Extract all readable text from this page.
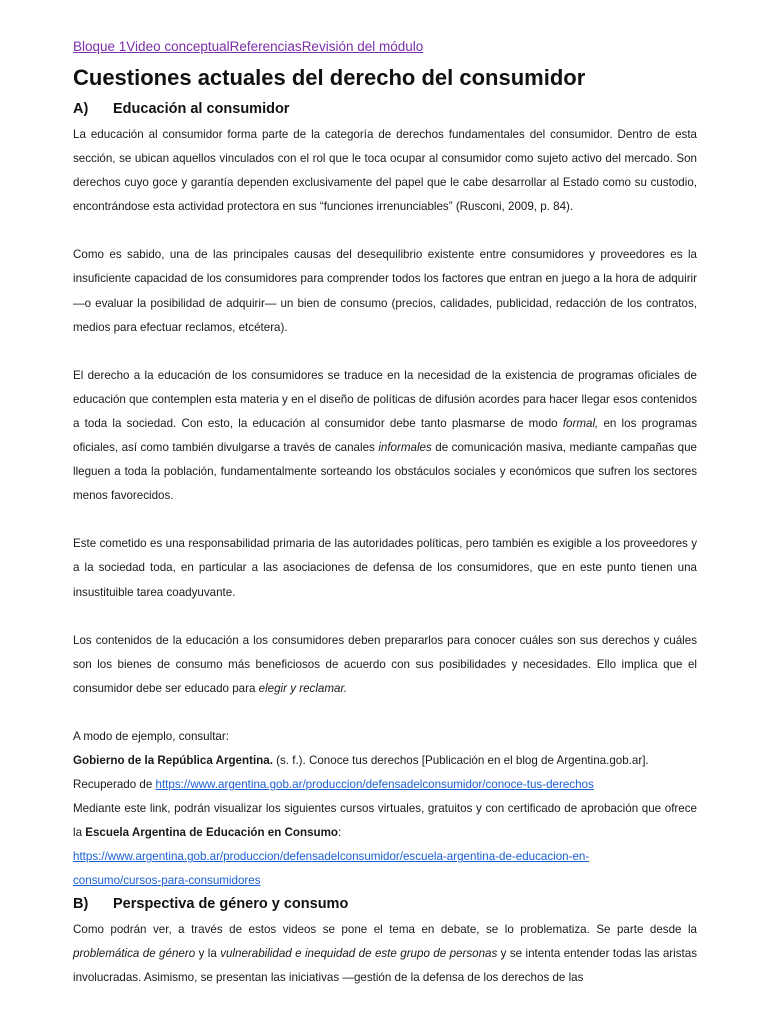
Bloque 1Video conceptualReferenciasRevisión del módulo
Cuestiones actuales del derecho del consumidor
A) Educación al consumidor

La educación al consumidor forma parte de la categoría de derechos fundamentales del consumidor. Dentro de esta sección, se ubican aquellos vinculados con el rol que le toca ocupar al consumidor como sujeto activo del mercado. Son derechos cuyo goce y garantía dependen exclusivamente del papel que le cabe desarrollar al Estado como su custodio, encontrándose esta actividad protectora en sus “funciones irrenunciables” (Rusconi, 2009, p. 84).

Como es sabido, una de las principales causas del desequilibrio existente entre consumidores y proveedores es la insuficiente capacidad de los consumidores para comprender todos los factores que entran en juego a la hora de adquirir —o evaluar la posibilidad de adquirir— un bien de consumo (precios, calidades, publicidad, redacción de los contratos, medios para efectuar reclamos, etcétera).

El derecho a la educación de los consumidores se traduce en la necesidad de la existencia de programas oficiales de educación que contemplen esta materia y en el diseño de políticas de difusión acordes para hacer llegar esos contenidos a toda la sociedad. Con esto, la educación al consumidor debe tanto plasmarse de modo formal, en los programas oficiales, así como también divulgarse a través de canales informales de comunicación masiva, mediante campañas que lleguen a toda la población, fundamentalmente sorteando los obstáculos sociales y económicos que sufren los sectores menos favorecidos.

Este cometido es una responsabilidad primaria de las autoridades políticas, pero también es exigible a los proveedores y a la sociedad toda, en particular a las asociaciones de defensa de los consumidores, que en este punto tienen una insustituible tarea coadyuvante.

Los contenidos de la educación a los consumidores deben prepararlos para conocer cuáles son sus derechos y cuáles son los bienes de consumo más beneficiosos de acuerdo con sus posibilidades y necesidades. Ello implica que el consumidor debe ser educado para elegir y reclamar.

A modo de ejemplo, consultar:

Gobierno de la República Argentina. (s. f.). Conoce tus derechos [Publicación en el blog de Argentina.gob.ar].

Recuperado de https://www.argentina.gob.ar/produccion/defensadelconsumidor/conoce-tus-derechos

Mediante este link, podrán visualizar los siguientes cursos virtuales, gratuitos y con certificado de aprobación que ofrece la Escuela Argentina de Educación en Consumo:

https://www.argentina.gob.ar/produccion/defensadelconsumidor/escuela-argentina-de-educacion-en-

consumo/cursos-para-consumidores

B) Perspectiva de género y consumo

Como podrán ver, a través de estos videos se pone el tema en debate, se lo problematiza. Se parte desde la problemática de género y la vulnerabilidad e inequidad de este grupo de personas y se intenta entender todas las aristas involucradas. Asimismo, se presentan las iniciativas —gestión de la defensa de los derechos de las
